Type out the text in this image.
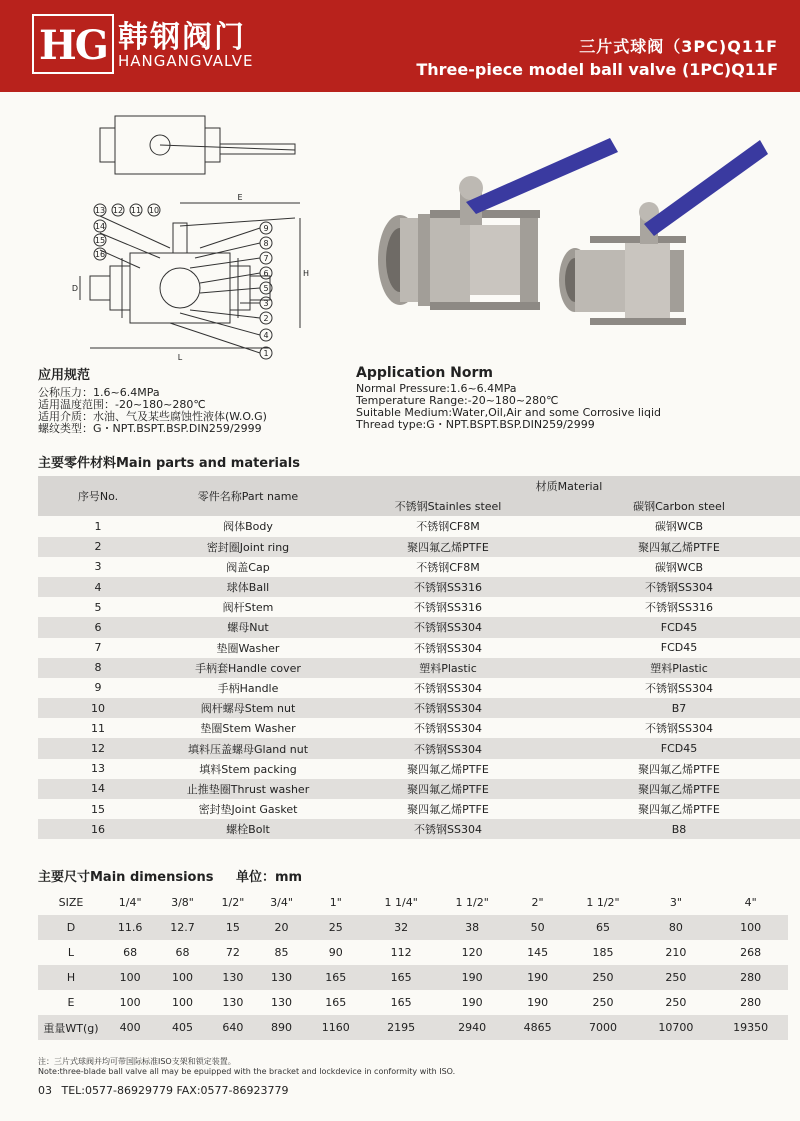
HG 韩钢阀门
HANGANGVALVE
三片式球阀（3PC)Q11F
Three-piece model ball valve (1PC)Q11F
13 12 11 10
14
15
16
9
8
7
6
5
3
2
4
1
E
H
D
L
应用规范
公称压力：1.6~6.4MPa
适用温度范围：-20~180~280℃
适用介质：水油、气及某些腐蚀性液体(W.O.G)
螺纹类型：G・NPT.BSPT.BSP.DIN259/2999
Application Norm
Normal Pressure:1.6~6.4MPa
Temperature Range:-20~180~280℃
Suitable Medium:Water,Oil,Air and some Corrosive liqid
Thread type:G・NPT.BSPT.BSP.DIN259/2999
主要零件材料Main parts and materials
序号No.	零件名称Part name	材质Material	
		不锈钢Stainles steel	碳钢Carbon steel
1	阀体Body	不锈钢CF8M	碳钢WCB
2	密封圈Joint ring	聚四氟乙烯PTFE	聚四氟乙烯PTFE
3	阀盖Cap	不锈钢CF8M	碳钢WCB
4	球体Ball	不锈钢SS316	不锈钢SS304
5	阀杆Stem	不锈钢SS316	不锈钢SS316
6	螺母Nut	不锈钢SS304	FCD45
7	垫圈Washer	不锈钢SS304	FCD45
8	手柄套Handle cover	塑料Plastic	塑料Plastic
9	手柄Handle	不锈钢SS304	不锈钢SS304
10	阀杆螺母Stem nut	不锈钢SS304	B7
11	垫圈Stem Washer	不锈钢SS304	不锈钢SS304
12	填料压盖螺母Gland nut	不锈钢SS304	FCD45
13	填料Stem packing	聚四氟乙烯PTFE	聚四氟乙烯PTFE
14	止推垫圈Thrust washer	聚四氟乙烯PTFE	聚四氟乙烯PTFE
15	密封垫Joint Gasket	聚四氟乙烯PTFE	聚四氟乙烯PTFE
16	螺栓Bolt	不锈钢SS304	B8
主要尺寸Main dimensions 单位：mm
SIZE	1/4"	3/8"	1/2"	3/4"	1"	1 1/4"	1 1/2"	2"	1 1/2"	3"	4"
D	11.6	12.7	15	20	25	32	38	50	65	80	100
L	68	68	72	85	90	112	120	145	185	210	268
H	100	100	130	130	165	165	190	190	250	250	280
E	100	100	130	130	165	165	190	190	250	250	280
重量WT(g)	400	405	640	890	1160	2195	2940	4865	7000	10700	19350
注：三片式球阀并均可带国际标准ISO支架和锁定装置。
Note:three-blade ball valve all may be epuipped with the bracket and lockdevice in conformity with ISO.
03 TEL:0577-86929779 FAX:0577-86923779
